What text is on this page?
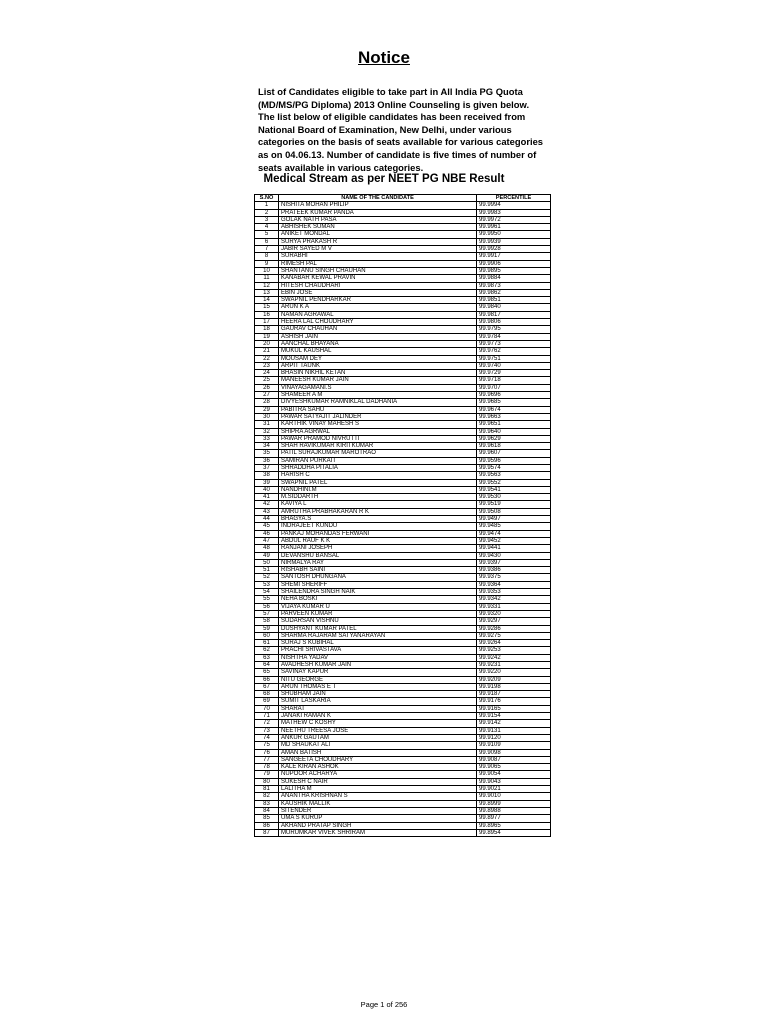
Notice

List of Candidates eligible to take part in All India PG Quota (MD/MS/PG Diploma) 2013 Online Counseling is given below. The list below of eligible candidates has been received from National Board of Examination, New Delhi, under various categories on the basis of seats available for various categories as on 04.06.13. Number of candidate is five times of number of seats available in various categories.

Medical Stream as per NEET PG NBE Result
S.NO	NAME OF THE CANDIDATE	PERCENTILE
1	NISHITA MOHAN PHILIP	99.9994
2	PRATEEK KUMAR PANDA	99.9983
3	GOLAK NATH PASA	99.9972
4	ABHISHEK SUMAN	99.9961
5	ANIKET MONDAL	99.9950
6	SURYA PRAKASH R	99.9939
7	JABIR SAYED M V	99.9928
8	SURABHI	99.9917
9	RIMESH PAL	99.9906
10	SHANTANU SINGH CHAUHAN	99.9895
11	KANABAR KEWAL PRAVIN	99.9884
12	HITESH CHAUDHARI	99.9873
13	EBIN JOSE	99.9862
14	SWAPNIL PENDHARKAR	99.9851
15	ARUN K A	99.9840
16	NAMAN AGRAWAL	99.9817
17	HEERA LAL CHOUDHARY	99.9806
18	GAURAV CHAUHAN	99.9795
19	ASHISH JAIN	99.9784
20	AANCHAL BHAYANA	99.9773
21	MUKUL KAUSHAL	99.9762
22	MOUSAM DEY	99.9751
23	ARPIT TAUNK	99.9740
24	BHASIN NIKHIL KETAN	99.9729
25	MANEESH KUMAR JAIN	99.9718
26	VINAYAGAMANI.S	99.9707
27	SHAMEER A M	99.9696
28	DIVYESHKUMAR RAMNIKLAL DADHANIA	99.9685
29	PABITRA SAHU	99.9674
30	PAWAR SATYAJIT JALINDER	99.9663
31	KARTHIK VINAY MAHESH S	99.9651
32	SHIPRA AGRWAL	99.9640
33	PAWAR PRAMOD NIVRUTTI	99.9629
34	SHAH RAVIKUMAR KIRITKUMAR	99.9618
35	PATIL SURAJKUMAR MAROTRAO	99.9607
36	SAMIRAN PURKAIT	99.9596
37	SHRADDHA PITALIA	99.9574
38	HARISH C	99.9563
39	SWAPNIL PATEL	99.9552
40	NANDHINI.M	99.9541
41	M.SIDDARTH	99.9530
42	KAVIYA L	99.9519
43	AMRUTHA PRABHAKARAN R K	99.9508
44	BHAGYA.S	99.9497
45	INDRAJEET KUNDU	99.9485
46	PANKAJ MOHANDAS FERWANI	99.9474
47	ABDUL RAUF K K	99.9452
48	RANJANI JOSEPH	99.9441
49	DEVANSHU BANSAL	99.9430
50	NIRMALYA RAY	99.9397
51	RISHABH SAINI	99.9386
52	SANTOSH DHUNGANA	99.9375
53	SHEMI SHERIFF	99.9364
54	SHAILENDRA SINGH NAIK	99.9353
55	NEHA BOSKI	99.9342
56	VIJAYA KUMAR U	99.9331
57	PARVEEN KUMAR	99.9320
58	SUDARSAN VISHNU	99.9297
59	DUSHYANT KUMAR PATEL	99.9286
60	SHARMA RAJARAM SATYANARAYAN	99.9275
61	SURAJ S KUBIHAL	99.9264
62	PRACHI SRIVASTAVA	99.9253
63	NISHTHA YADAV	99.9242
64	AVADHESH KUMAR JAIN	99.9231
65	SAVINAY KAPUR	99.9220
66	NITU GEORGE	99.9209
67	ARUN THOMAS E T	99.9198
68	SHUBHAM JAIN	99.9187
69	SUMIT LASKARIA	99.9176
70	SHARAT	99.9165
71	JANAKI RAMAN K	99.9154
72	MATHEW C KOSHY	99.9142
73	NEETHU TREESA JOSE	99.9131
74	ANKUR GAUTAM	99.9120
75	MD SHAUKAT ALI	99.9109
76	AMAN BATISH	99.9098
77	SANGEETA CHOUDHARY	99.9087
78	KALE KIRAN ASHOK	99.9065
79	NUPOOR ACHARYA	99.9054
80	SUKESH C NAIR	99.9043
81	LALITHA M	99.9021
82	ANANTHA KRISHNAN S	99.9010
83	KAUSHIK MALLIK	99.8999
84	SITENDER	99.8988
85	UMA S KURUP	99.8977
86	AKHAND PRATAP SINGH	99.8965
87	MURUMKAR VIVEK SHRIRAM	99.8954
Page 1 of 256
